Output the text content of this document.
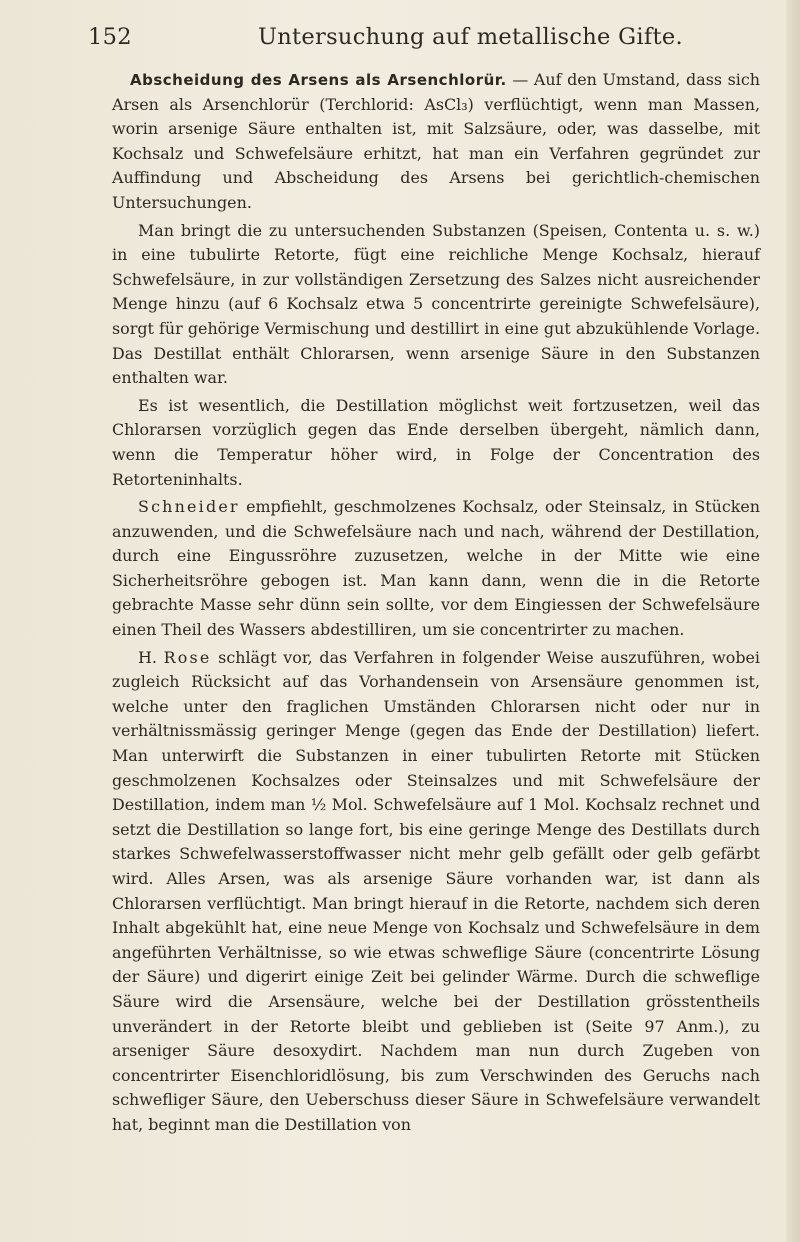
152	Untersuchung auf metallische Gifte.

Abscheidung des Arsens als Arsenchlorür. — Auf den Umstand, dass sich Arsen als Arsenchlorür (Terchlorid: AsCl₃) verflüchtigt, wenn man Massen, worin arsenige Säure enthalten ist, mit Salzsäure, oder, was dasselbe, mit Kochsalz und Schwefelsäure erhitzt, hat man ein Verfahren gegründet zur Auffindung und Abscheidung des Arsens bei gerichtlich-chemischen Untersuchungen.

Man bringt die zu untersuchenden Substanzen (Speisen, Contenta u. s. w.) in eine tubulirte Retorte, fügt eine reichliche Menge Kochsalz, hierauf Schwefelsäure, in zur vollständigen Zersetzung des Salzes nicht ausreichender Menge hinzu (auf 6 Kochsalz etwa 5 concentrirte gereinigte Schwefelsäure), sorgt für gehörige Vermischung und destillirt in eine gut abzukühlende Vorlage. Das Destillat enthält Chlorarsen, wenn arsenige Säure in den Substanzen enthalten war.

Es ist wesentlich, die Destillation möglichst weit fortzusetzen, weil das Chlorarsen vorzüglich gegen das Ende derselben übergeht, nämlich dann, wenn die Temperatur höher wird, in Folge der Concentration des Retorteninhalts.

Schneider empfiehlt, geschmolzenes Kochsalz, oder Steinsalz, in Stücken anzuwenden, und die Schwefelsäure nach und nach, während der Destillation, durch eine Eingussröhre zuzusetzen, welche in der Mitte wie eine Sicherheitsröhre gebogen ist. Man kann dann, wenn die in die Retorte gebrachte Masse sehr dünn sein sollte, vor dem Eingiessen der Schwefelsäure einen Theil des Wassers abdestilliren, um sie concentrirter zu machen.

H. Rose schlägt vor, das Verfahren in folgender Weise auszuführen, wobei zugleich Rücksicht auf das Vorhandensein von Arsensäure genommen ist, welche unter den fraglichen Umständen Chlorarsen nicht oder nur in verhältnissmässig geringer Menge (gegen das Ende der Destillation) liefert. Man unterwirft die Substanzen in einer tubulirten Retorte mit Stücken geschmolzenen Kochsalzes oder Steinsalzes und mit Schwefelsäure der Destillation, indem man ½ Mol. Schwefelsäure auf 1 Mol. Kochsalz rechnet und setzt die Destillation so lange fort, bis eine geringe Menge des Destillats durch starkes Schwefelwasserstoffwasser nicht mehr gelb gefällt oder gelb gefärbt wird. Alles Arsen, was als arsenige Säure vorhanden war, ist dann als Chlorarsen verflüchtigt. Man bringt hierauf in die Retorte, nachdem sich deren Inhalt abgekühlt hat, eine neue Menge von Kochsalz und Schwefelsäure in dem angeführten Verhältnisse, so wie etwas schweflige Säure (concentrirte Lösung der Säure) und digerirt einige Zeit bei gelinder Wärme. Durch die schweflige Säure wird die Arsensäure, welche bei der Destillation grösstentheils unverändert in der Retorte bleibt und geblieben ist (Seite 97 Anm.), zu arseniger Säure desoxydirt. Nachdem man nun durch Zugeben von concentrirter Eisenchloridlösung, bis zum Verschwinden des Geruchs nach schwefliger Säure, den Ueberschuss dieser Säure in Schwefelsäure verwandelt hat, beginnt man die Destillation von
